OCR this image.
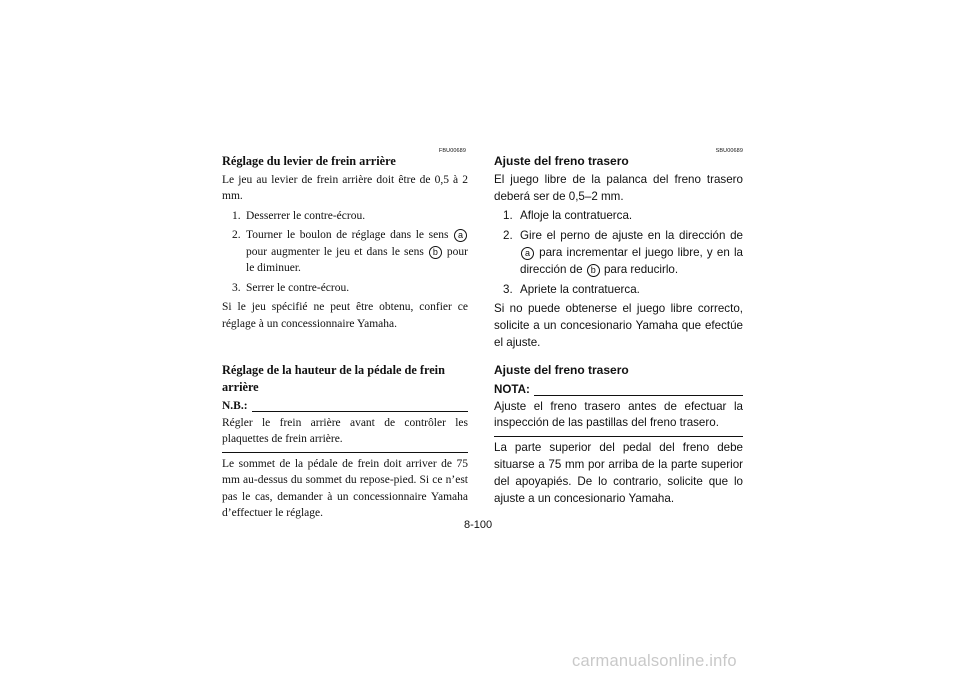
FBU00689
Réglage du levier de frein arrière

Le jeu au levier de frein arrière doit être de 0,5 à 2 mm.

1. Desserrer le contre-écrou.
2. Tourner le boulon de réglage dans le sens a pour augmenter le jeu et dans le sens b pour le diminuer.
3. Serrer le contre-écrou.

Si le jeu spécifié ne peut être obtenu, confier ce réglage à un concessionnaire Yamaha.

Réglage de la hauteur de la pédale de frein arrière
N.B.:

Régler le frein arrière avant de contrôler les plaquettes de frein arrière.

Le sommet de la pédale de frein doit arriver de 75 mm au-dessus du sommet du repose-pied. Si ce n’est pas le cas, demander à un concessionnaire Yamaha d’effectuer le réglage.

SBU00689
Ajuste del freno trasero

El juego libre de la palanca del freno trasero deberá ser de 0,5–2 mm.

1. Afloje la contratuerca.
2. Gire el perno de ajuste en la dirección de a para incrementar el juego libre, y en la dirección de b para reducirlo.
3. Apriete la contratuerca.

Si no puede obtenerse el juego libre correcto, solicite a un concesionario Yamaha que efectúe el ajuste.

Ajuste del freno trasero
NOTA:

Ajuste el freno trasero antes de efectuar la inspección de las pastillas del freno trasero.

La parte superior del pedal del freno debe situarse a 75 mm por arriba de la parte superior del apoyapiés. De lo contrario, solicite que lo ajuste a un concesionario Yamaha.

8-100
carmanualsonline.info
